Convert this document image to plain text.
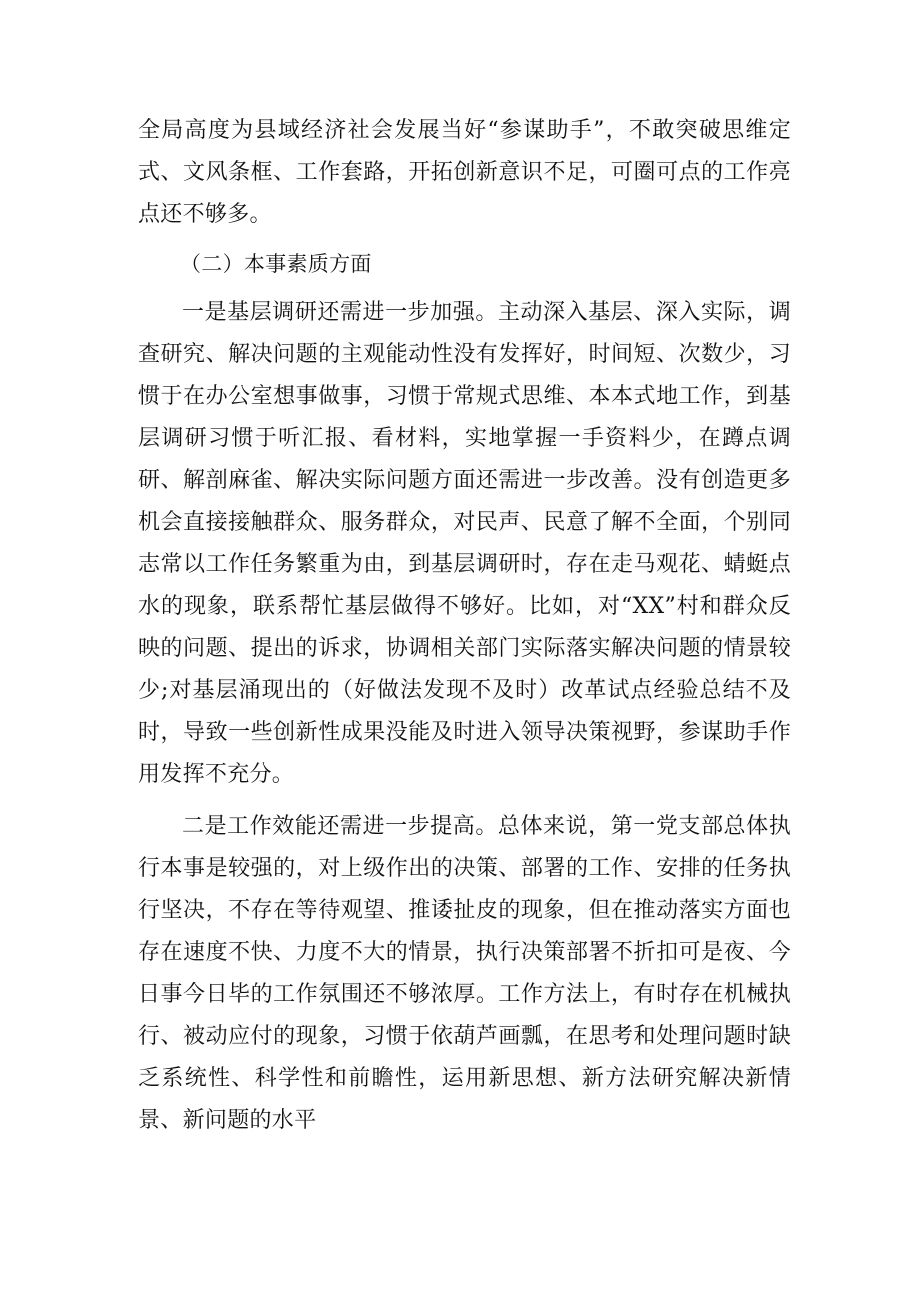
全局高度为县域经济社会发展当好“参谋助手”，不敢突破思维定式、文风条框、工作套路，开拓创新意识不足，可圈可点的工作亮点还不够多。

（二）本事素质方面

一是基层调研还需进一步加强。主动深入基层、深入实际，调查研究、解决问题的主观能动性没有发挥好，时间短、次数少，习惯于在办公室想事做事，习惯于常规式思维、本本式地工作，到基层调研习惯于听汇报、看材料，实地掌握一手资料少，在蹲点调研、解剖麻雀、解决实际问题方面还需进一步改善。没有创造更多机会直接接触群众、服务群众，对民声、民意了解不全面，个别同志常以工作任务繁重为由，到基层调研时，存在走马观花、蜻蜓点水的现象，联系帮忙基层做得不够好。比如，对“XX”村和群众反映的问题、提出的诉求，协调相关部门实际落实解决问题的情景较少;对基层涌现出的（好做法发现不及时）改革试点经验总结不及时，导致一些创新性成果没能及时进入领导决策视野，参谋助手作用发挥不充分。

二是工作效能还需进一步提高。总体来说，第一党支部总体执行本事是较强的，对上级作出的决策、部署的工作、安排的任务执行坚决，不存在等待观望、推诿扯皮的现象，但在推动落实方面也存在速度不快、力度不大的情景，执行决策部署不折扣可是夜、今日事今日毕的工作氛围还不够浓厚。工作方法上，有时存在机械执行、被动应付的现象，习惯于依葫芦画瓢，在思考和处理问题时缺乏系统性、科学性和前瞻性，运用新思想、新方法研究解决新情景、新问题的水平
